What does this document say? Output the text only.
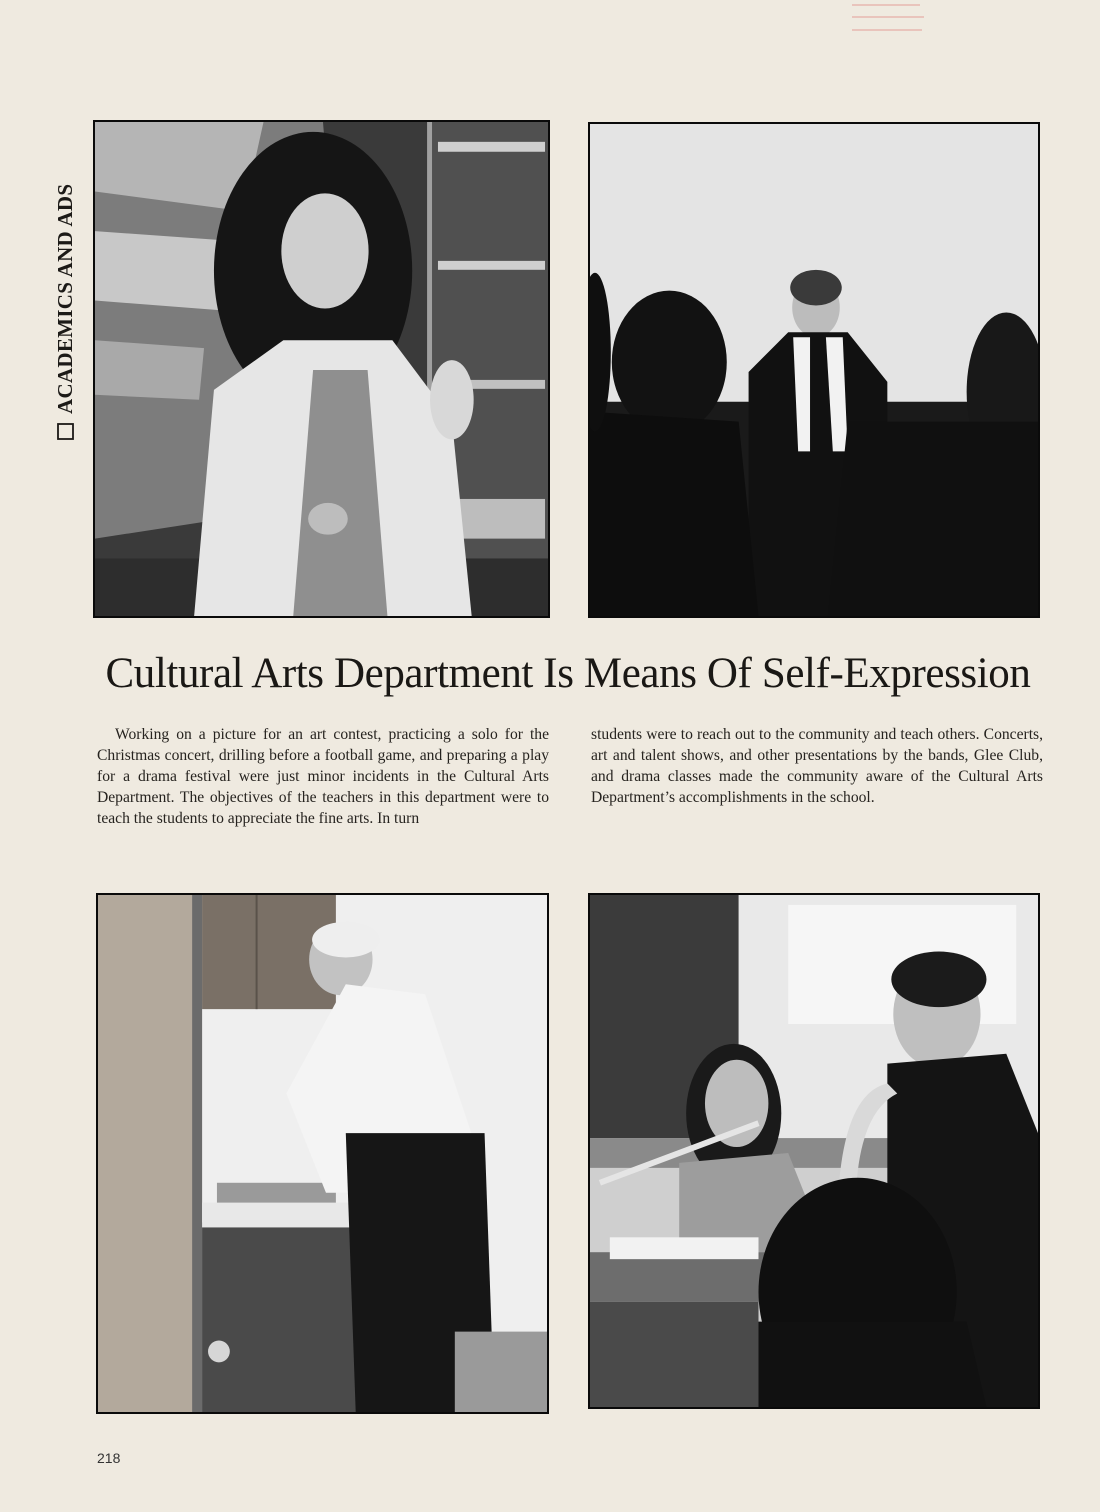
ACADEMICS AND ADS
Cultural Arts Department Is Means Of Self-Expression

Working on a picture for an art contest, practicing a solo for the Christmas concert, drilling before a football game, and preparing a play for a drama festival were just minor incidents in the Cultural Arts Department. The objectives of the teachers in this department were to teach the students to appreciate the fine arts. In turn

students were to reach out to the community and teach others. Concerts, art and talent shows, and other presentations by the bands, Glee Club, and drama classes made the community aware of the Cultural Arts Department’s accomplishments in the school.

218
